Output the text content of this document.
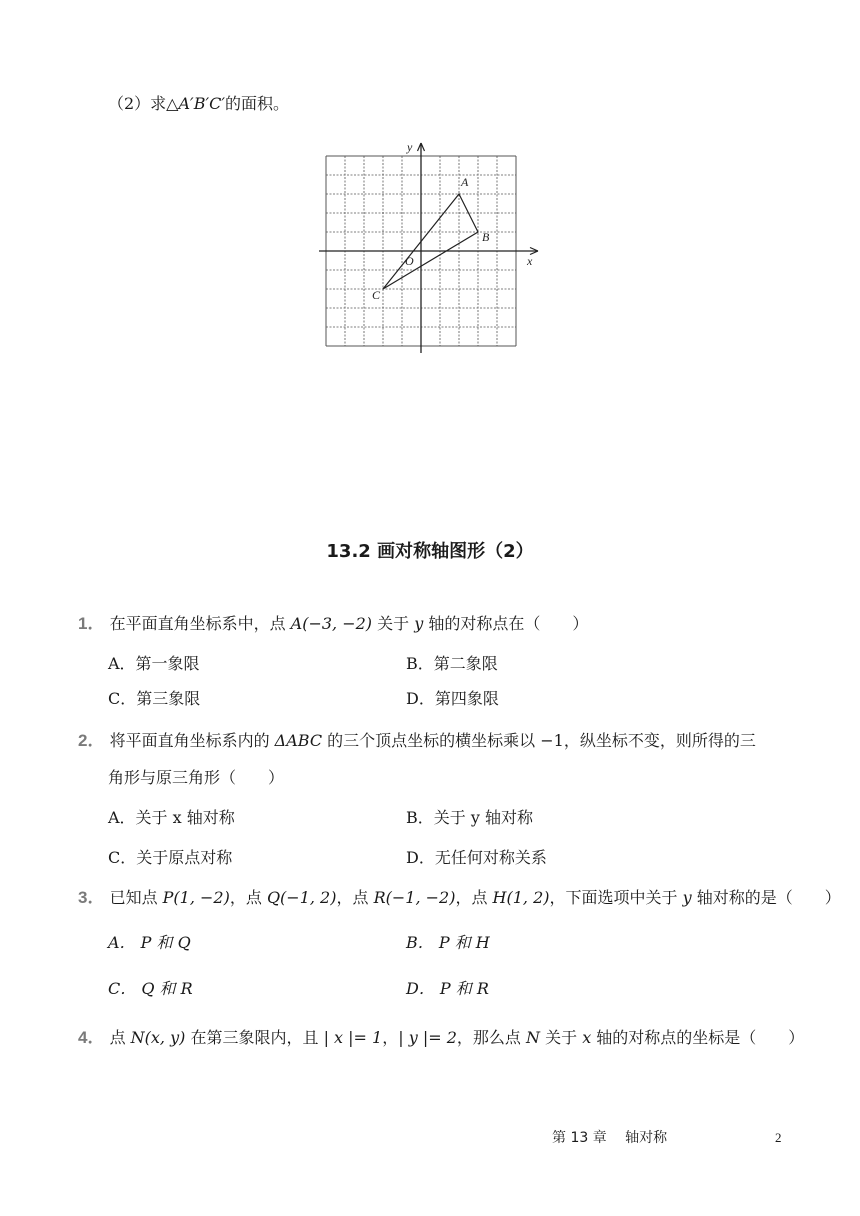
（2）求△A′B′C′的面积。
A
B
C
O	x
y
13.2 画对称轴图形（2）
1． 在平面直角坐标系中，点 A(−3, −2) 关于 y 轴的对称点在（　　）
A．第一象限	B．第二象限
C．第三象限	D．第四象限
2． 将平面直角坐标系内的 ΔABC 的三个顶点坐标的横坐标乘以 −1，纵坐标不变，则所得的三
角形与原三角形（　　）
A．关于 x 轴对称	B．关于 y 轴对称
C．关于原点对称	D．无任何对称关系
3． 已知点 P(1, −2)，点 Q(−1, 2)，点 R(−1, −2)，点 H(1, 2)，下面选项中关于 y 轴对称的是（　　）
A． P 和 Q	B． P 和 H
C． Q 和 R	D． P 和 R
4． 点 N(x, y) 在第三象限内，且 | x |= 1，| y |= 2，那么点 N 关于 x 轴的对称点的坐标是（　　）
第 13 章　 轴对称	2
